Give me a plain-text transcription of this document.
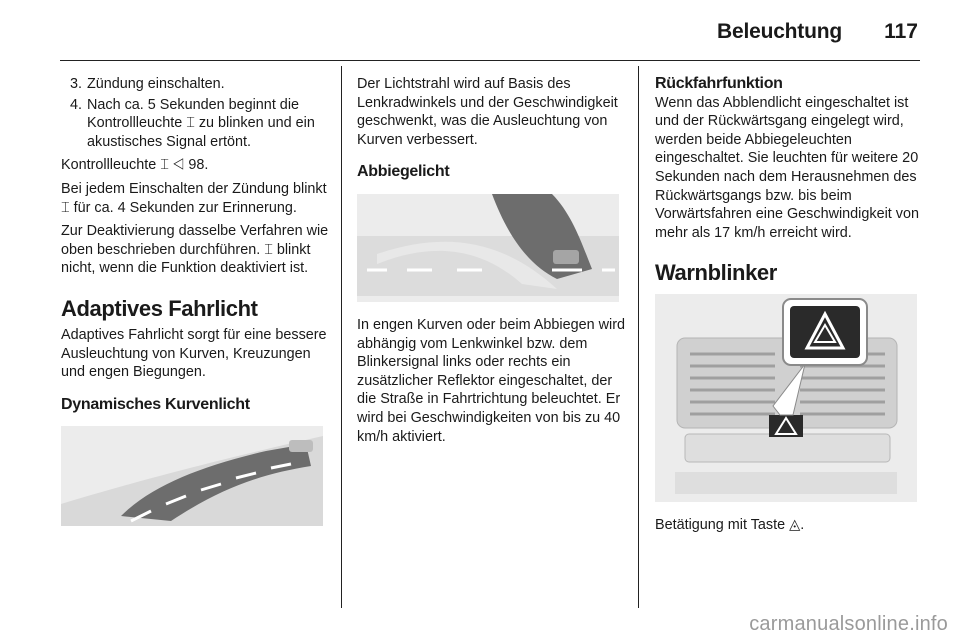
Beleuchtung 117
3. Zündung einschalten.
4. Nach ca. 5 Sekunden beginnt die Kontrollleuchte ⌶ zu blinken und ein akustisches Signal ertönt.

Kontrollleuchte ⌶ ◁ 98.

Bei jedem Einschalten der Zündung blinkt ⌶ für ca. 4 Sekunden zur Erinnerung.

Zur Deaktivierung dasselbe Verfahren wie oben beschrieben durchführen. ⌶ blinkt nicht, wenn die Funktion deaktiviert ist.

Adaptives Fahrlicht

Adaptives Fahrlicht sorgt für eine bessere Ausleuchtung von Kurven, Kreuzungen und engen Biegungen.

Dynamisches Kurvenlicht

Der Lichtstrahl wird auf Basis des Lenkradwinkels und der Geschwindigkeit geschwenkt, was die Ausleuchtung von Kurven verbessert.

Abbiegelicht

In engen Kurven oder beim Abbiegen wird abhängig vom Lenkwinkel bzw. dem Blinkersignal links oder rechts ein zusätzlicher Reflektor eingeschaltet, der die Straße in Fahrtrichtung beleuchtet. Er wird bei Geschwindigkeiten von bis zu 40 km/h aktiviert.

Rückfahrfunktion

Wenn das Abblendlicht eingeschaltet ist und der Rückwärtsgang eingelegt wird, werden beide Abbiegeleuchten eingeschaltet. Sie leuchten für weitere 20 Sekunden nach dem Herausnehmen des Rückwärtsgangs bzw. bis beim Vorwärtsfahren eine Geschwindigkeit von mehr als 17 km/h erreicht wird.

Warnblinker

Betätigung mit Taste ◬.

carmanualsonline.info
